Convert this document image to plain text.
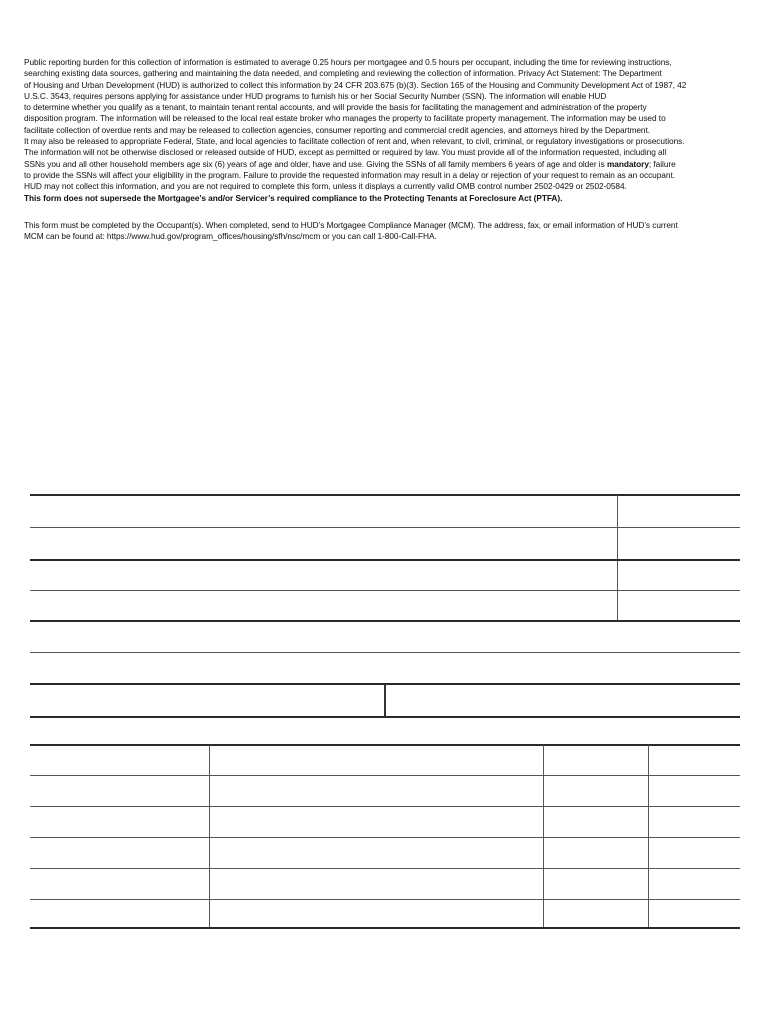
Public reporting burden for this collection of information is estimated to average 0.25 hours per mortgagee and 0.5 hours per occupant, including the time for reviewing instructions,
searching existing data sources, gathering and maintaining the data needed, and completing and reviewing the collection of information. Privacy Act Statement: The Department
of Housing and Urban Development (HUD) is authorized to collect this information by 24 CFR 203.675 (b)(3). Section 165 of the Housing and Community Development Act of 1987, 42
U.S.C. 3543, requires persons applying for assistance under HUD programs to furnish his or her Social Security Number (SSN). The information will enable HUD
to determine whether you qualify as a tenant, to maintain tenant rental accounts, and will provide the basis for facilitating the management and administration of the property
disposition program. The information will be released to the local real estate broker who manages the property to facilitate property management. The information may be used to
facilitate collection of overdue rents and may be released to collection agencies, consumer reporting and commercial credit agencies, and attorneys hired by the Department.
It may also be released to appropriate Federal, State, and local agencies to facilitate collection of rent and, when relevant, to civil, criminal, or regulatory investigations or prosecutions.
The information will not be otherwise disclosed or released outside of HUD, except as permitted or required by law. You must provide all of the information requested, including all
SSNs you and all other household members age six (6) years of age and older, have and use. Giving the SSNs of all family members 6 years of age and older is mandatory; failure
to provide the SSNs will affect your eligibility in the program. Failure to provide the requested information may result in a delay or rejection of your request to remain as an occupant.
HUD may not collect this information, and you are not required to complete this form, unless it displays a currently valid OMB control number 2502-0429 or 2502-0584.
This form does not supersede the Mortgagee’s and/or Servicer’s required compliance to the Protecting Tenants at Foreclosure Act (PTFA).
This form must be completed by the Occupant(s). When completed, send to HUD’s Mortgagee Compliance Manager (MCM). The address, fax, or email information of HUD’s current
MCM can be found at: https://www.hud.gov/program_offices/housing/sfh/nsc/mcm or you can call 1-800-Call-FHA.
